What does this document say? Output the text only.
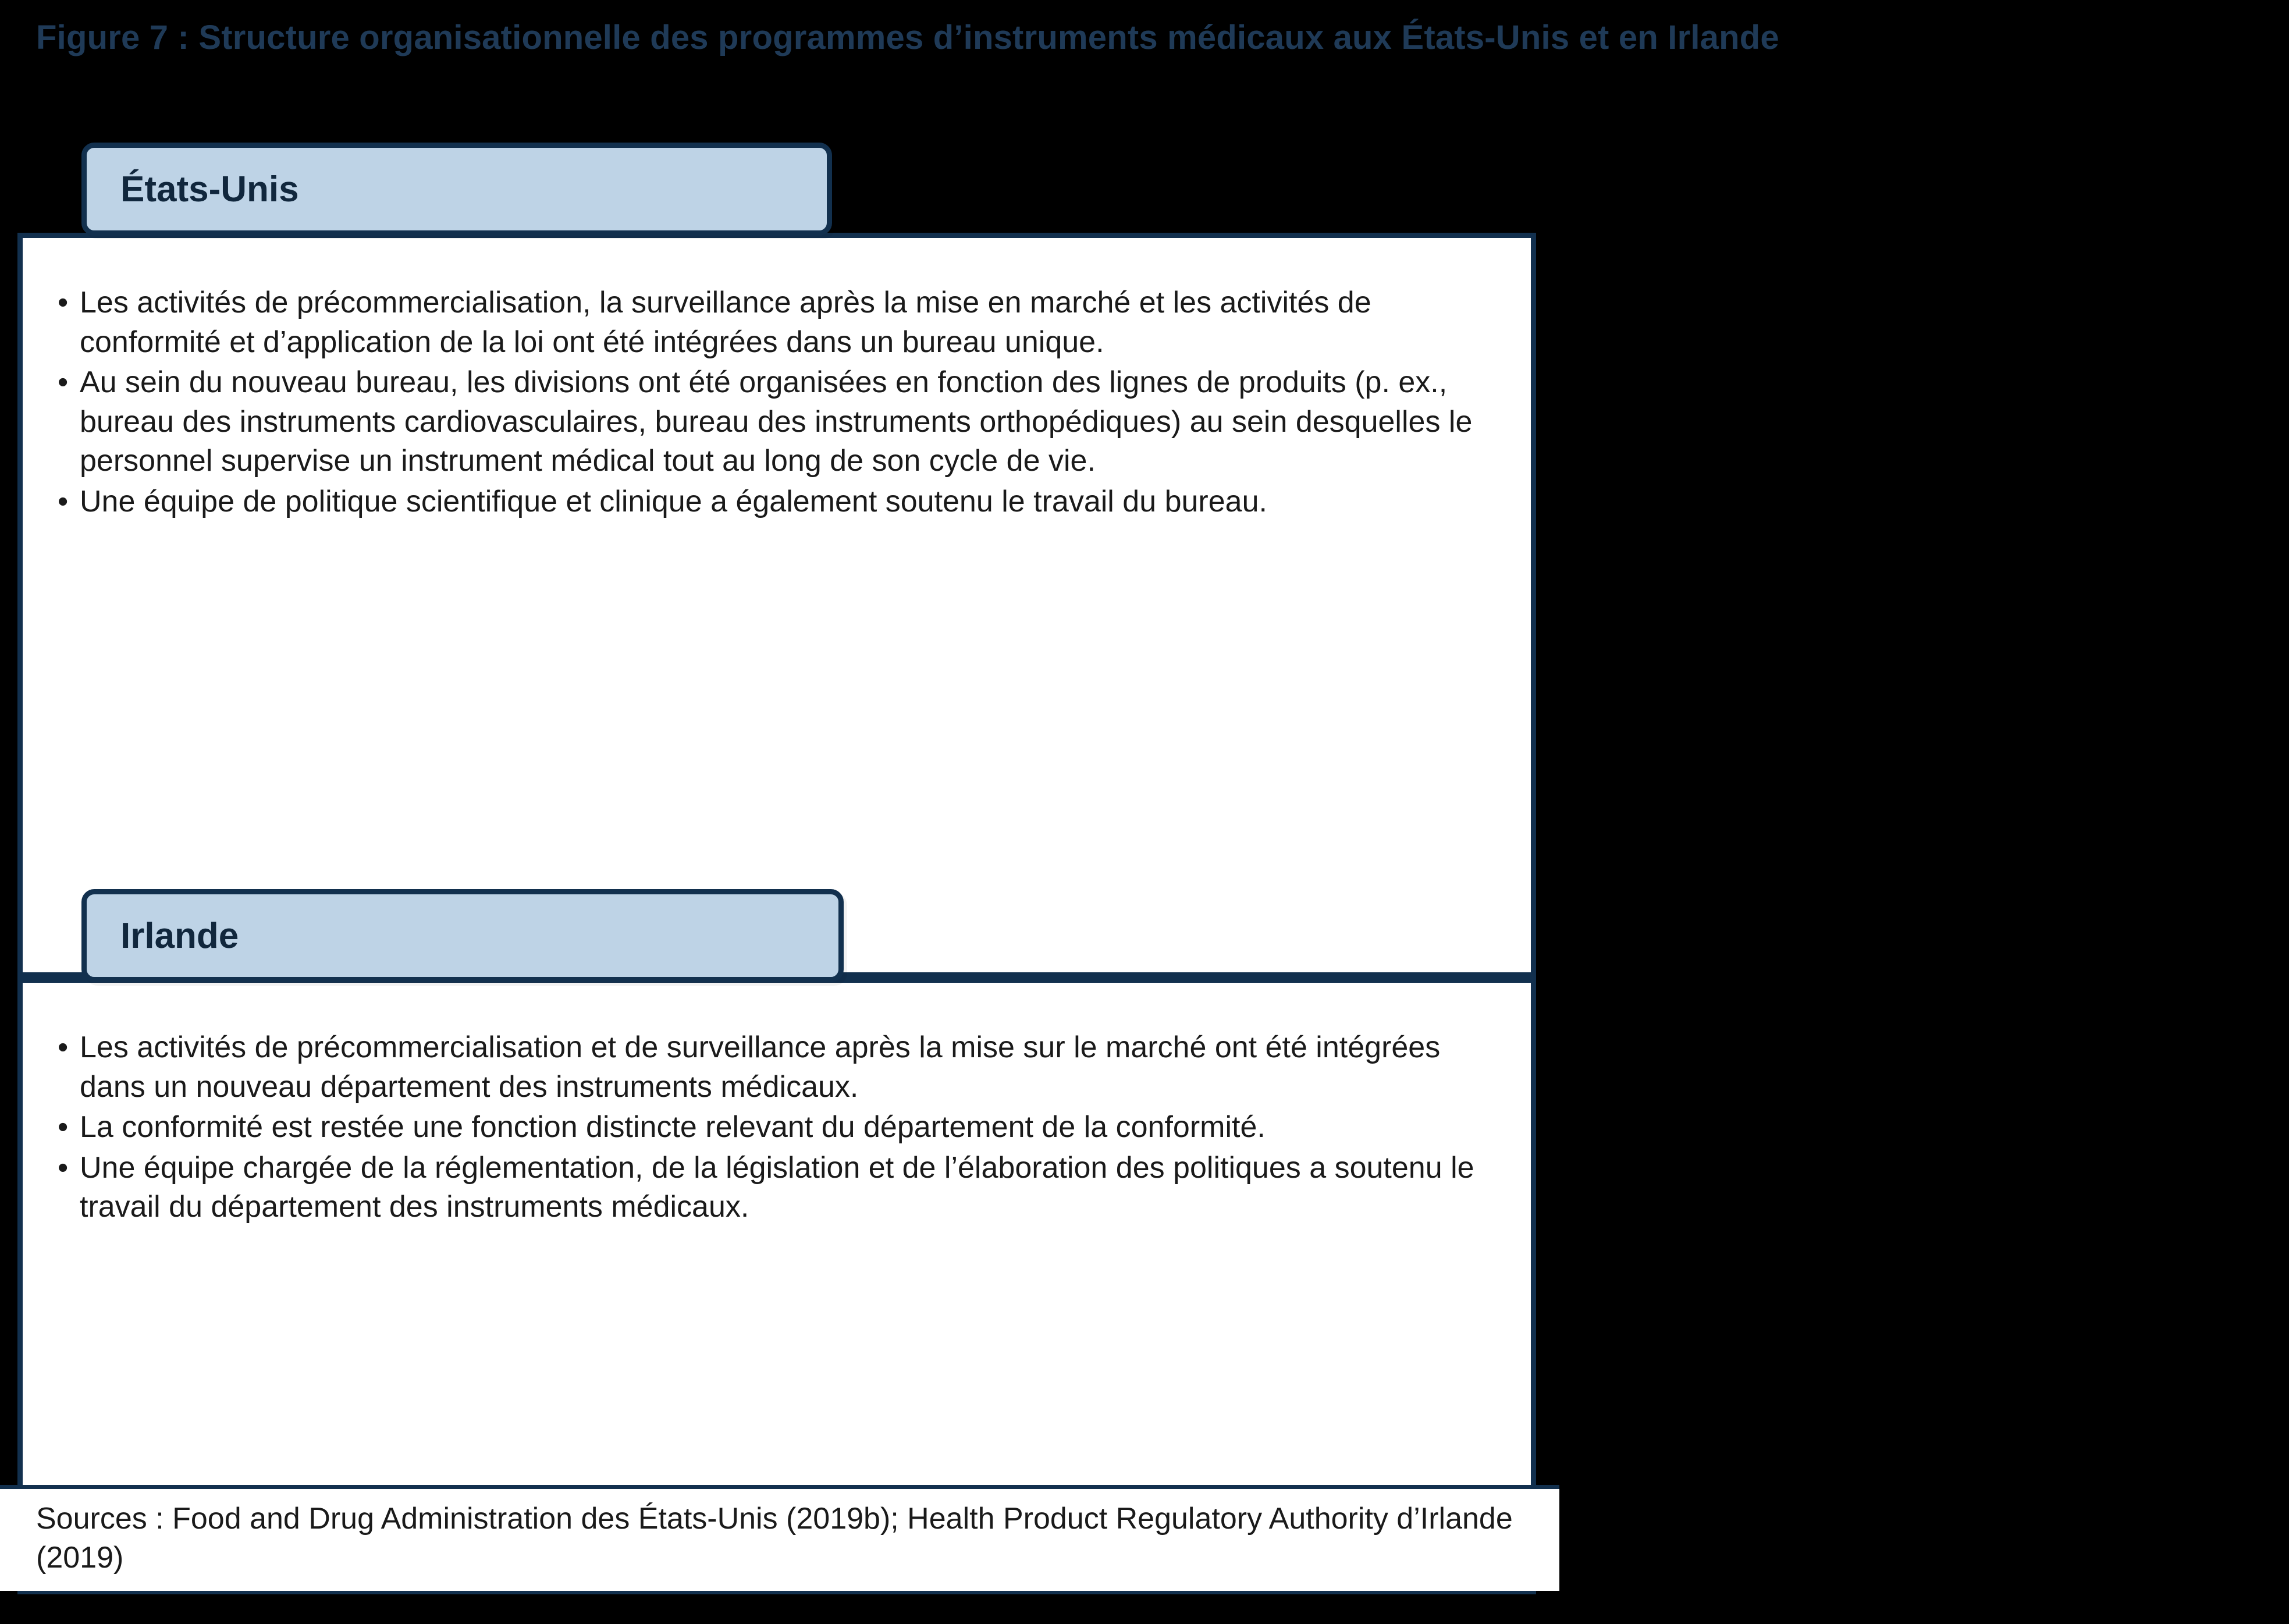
Figure 7 : Structure organisationnelle des programmes d’instruments médicaux aux États-Unis et en Irlande
• Les activités de précommercialisation, la surveillance après la mise en marché et les activités de conformité et d’application de la loi ont été intégrées dans un bureau unique.
• Au sein du nouveau bureau, les divisions ont été organisées en fonction des lignes de produits (p. ex., bureau des instruments cardiovasculaires, bureau des instruments orthopédiques) au sein desquelles le personnel supervise un instrument médical tout au long de son cycle de vie.
• Une équipe de politique scientifique et clinique a également soutenu le travail du bureau.
• Les activités de précommercialisation et de surveillance après la mise sur le marché ont été intégrées dans un nouveau département des instruments médicaux.
• La conformité est restée une fonction distincte relevant du département de la conformité.
• Une équipe chargée de la réglementation, de la législation et de l’élaboration des politiques a soutenu le travail du département des instruments médicaux.
États-Unis
Irlande
Sources : Food and Drug Administration des États-Unis (2019b); Health Product Regulatory Authority d’Irlande (2019)
